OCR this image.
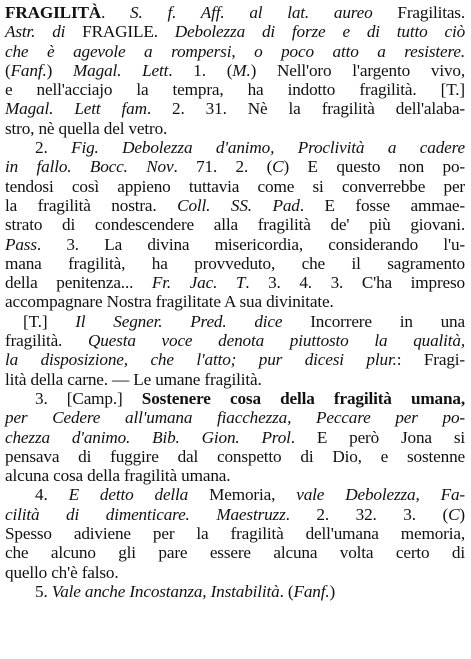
FRAGILITÀ. S. f. Aff. al lat. aureo Fragilitas.
Astr. di FRAGILE. Debolezza di forze e di tutto ciò
che è agevole a rompersi, o poco atto a resistere.
(Fanf.) Magal. Lett. 1. (M.) Nell'oro l'argento vivo,
e nell'acciajo la tempra, ha indotto fragilità. [T.]
Magal. Lett fam. 2. 31. Nè la fragilità dell'alaba-
stro, nè quella del vetro.
2. Fig. Debolezza d'animo, Proclività a cadere
in fallo. Bocc. Nov. 71. 2. (C) E questo non po-
tendosi così appieno tuttavia come si converrebbe per
la fragilità nostra. Coll. SS. Pad. E fosse ammae-
strato di condescendere alla fragilità de' più giovani.
Pass. 3. La divina misericordia, considerando l'u-
mana fragilità, ha provveduto, che il sagramento
della penitenza... Fr. Jac. T. 3. 4. 3. C'ha impreso
accompagnare Nostra fragilitate A sua divinitate.
[T.] Il Segner. Pred. dice Incorrere in una
fragilità. Questa voce denota piuttosto la qualità,
la disposizione, che l'atto; pur dicesi plur.: Fragi-
lità della carne. — Le umane fragilità.
3. [Camp.] Sostenere cosa della fragilità umana,
per Cedere all'umana fiacchezza, Peccare per po-
chezza d'animo. Bib. Gion. Prol. E però Jona si
pensava di fuggire dal conspetto di Dio, e sostenne
alcuna cosa della fragilità umana.
4. E detto della Memoria, vale Debolezza, Fa-
cilità di dimenticare. Maestruzz. 2. 32. 3. (C)
Spesso adiviene per la fragilità dell'umana memoria,
che alcuno gli pare essere alcuna volta certo di
quello ch'è falso.
5. Vale anche Incostanza, Instabilità. (Fanf.)
